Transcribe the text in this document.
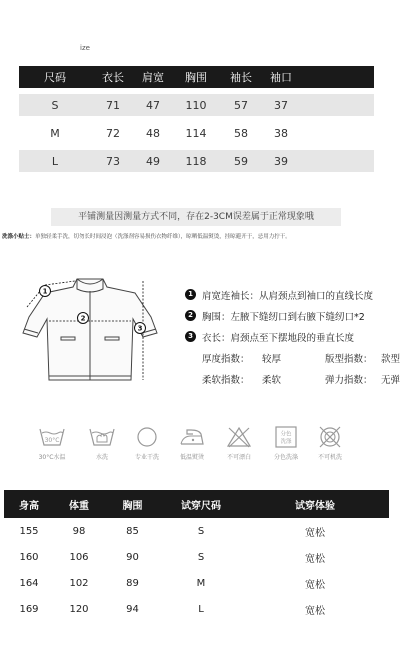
ize
尺码	衣长	肩宽	胸围	袖长	袖口
S	71	47	110	57	37
M	72	48	114	58	38
L	73	49	118	59	39
平铺测量因测量方式不同，存在2-3CM误差属于正常现象哦
洗涤小贴士：单独轻柔手洗，切勿长时间浸泡（洗涤剂容易损伤衣物纤维），晾晒低温熨烫，挂晾避开于，忌用力拧干。
1
2
3
1 肩宽连袖长：从肩颈点到袖口的直线长度
2 胸围：左腋下缝纫口到右腋下缝纫口*2
3 衣长：肩颈点至下摆地段的垂直长度
厚度指数：	较厚	版型指数： 款型
柔软指数：	柔软	弹力指数： 无弹
30°C
30°C水温	水洗	专业干洗	低温熨烫	不可漂白
分色
洗涤
分色洗涤	不可机洗
身高	体重	胸围	试穿尺码	试穿体验
155	98	85	S	宽松
160	106	90	S	宽松
164	102	89	M	宽松
169	120	94	L	宽松
